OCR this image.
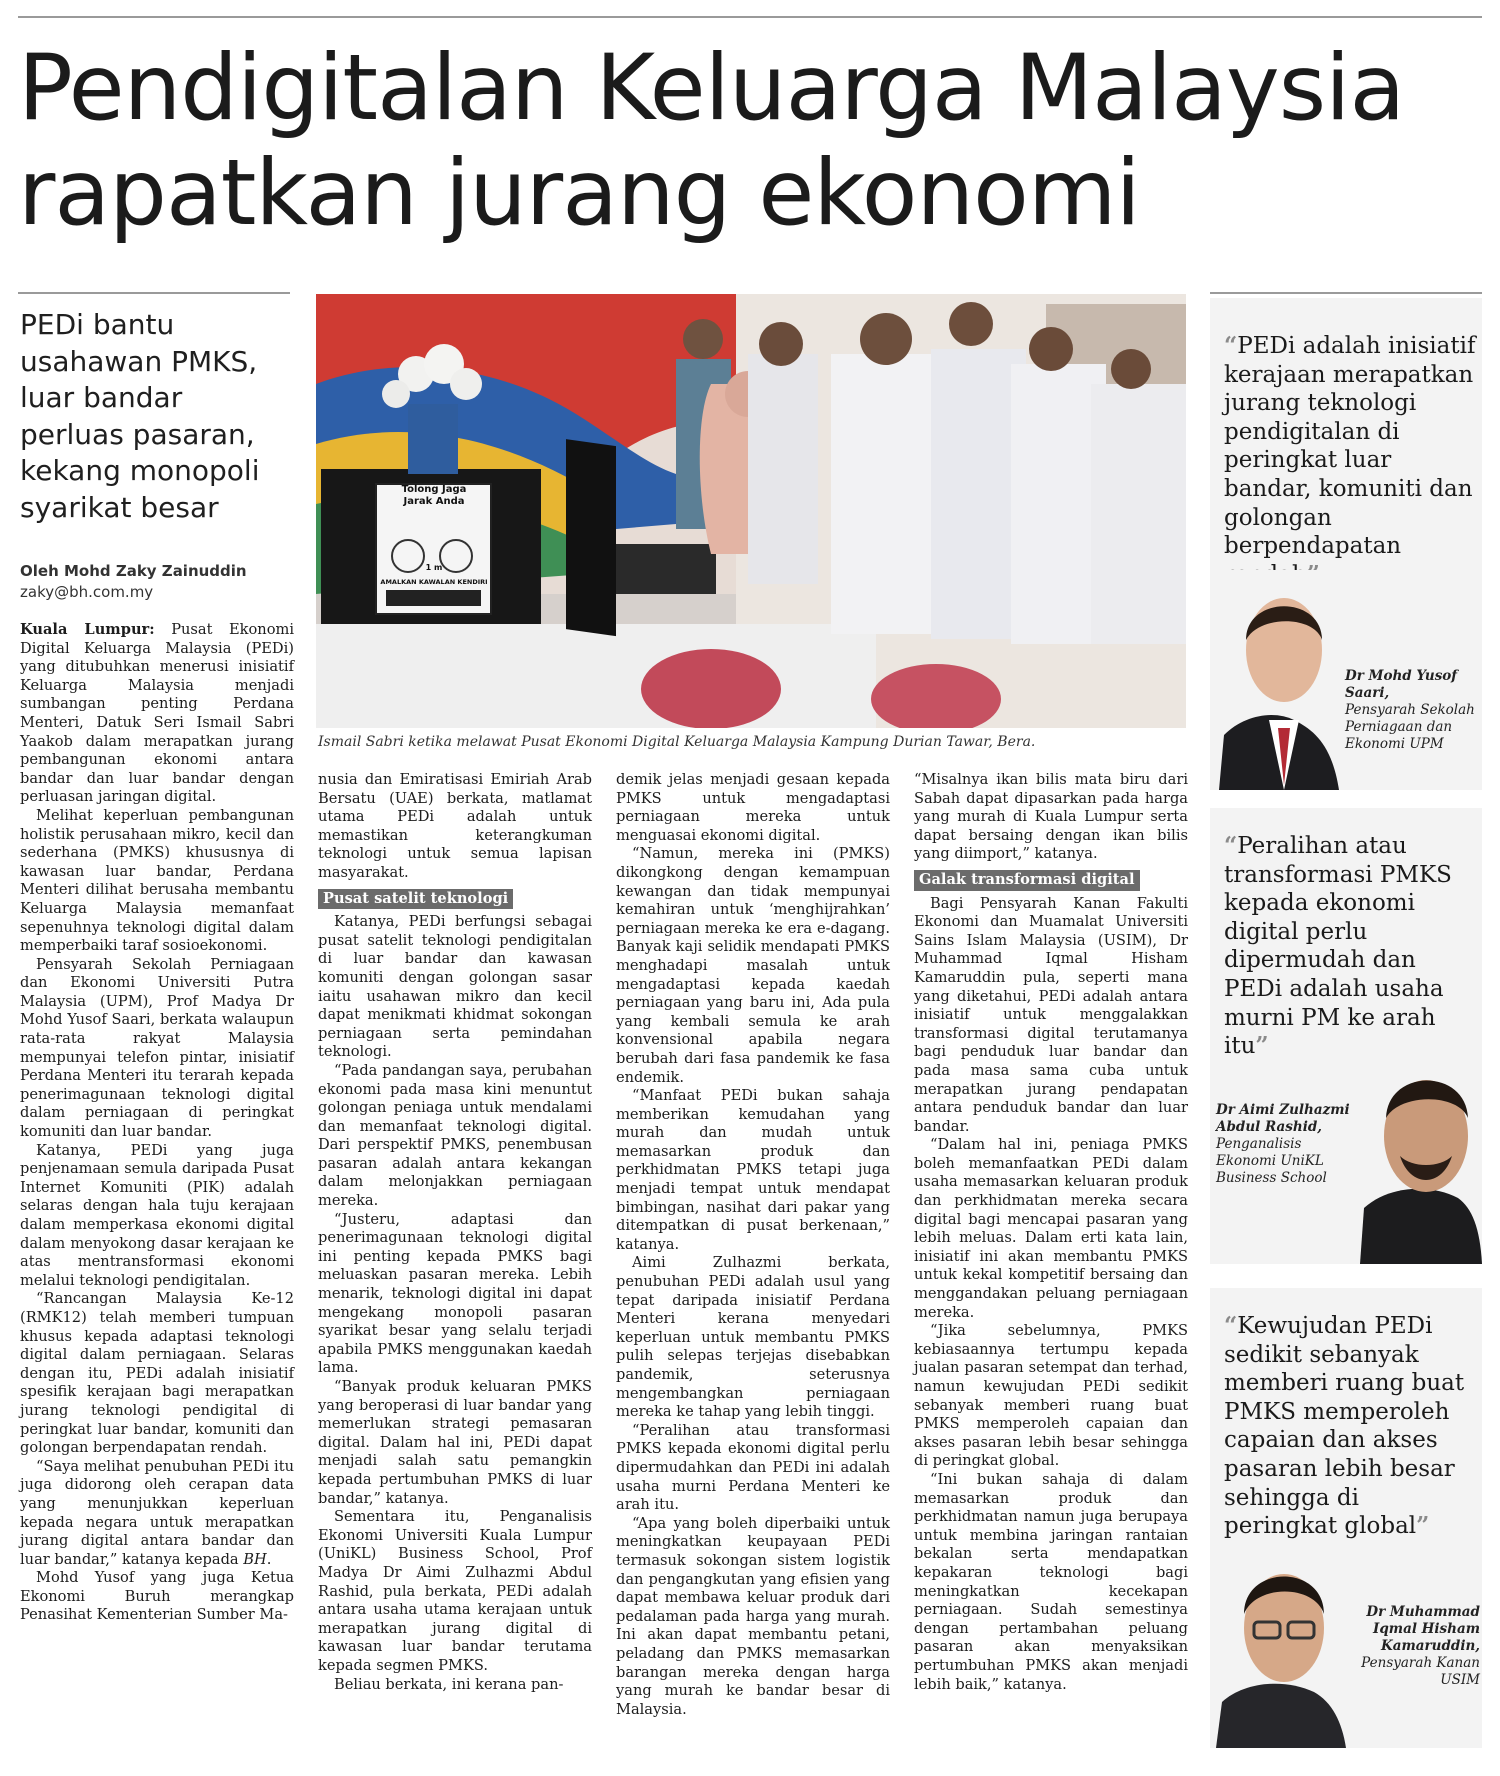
Pendigitalan Keluarga Malaysia
rapatkan jurang ekonomi
PEDi bantu usahawan PMKS, luar bandar perluas pasaran, kekang monopoli syarikat besar
Oleh Mohd Zaky Zainuddin
zaky@bh.com.my
Tolong Jaga
Jarak Anda
1 m
AMALKAN KAWALAN KENDIRI
Ismail Sabri ketika melawat Pusat Ekonomi Digital Keluarga Malaysia Kampung Durian Tawar, Bera.

Kuala Lumpur: Pusat Ekonomi Digital Keluarga Malaysia (PEDi) yang ditubuhkan menerusi inisiatif Keluarga Malaysia menjadi sumbangan penting Perdana Menteri, Datuk Seri Ismail Sabri Yaakob dalam merapatkan jurang pembangunan ekonomi antara bandar dan luar bandar dengan perluasan jaringan digital.

Melihat keperluan pembangunan holistik perusahaan mikro, kecil dan sederhana (PMKS) khususnya di kawasan luar bandar, Perdana Menteri dilihat berusaha membantu Keluarga Malaysia memanfaat sepenuhnya teknologi digital dalam memperbaiki taraf sosioekonomi.

Pensyarah Sekolah Perniagaan dan Ekonomi Universiti Putra Malaysia (UPM), Prof Madya Dr Mohd Yusof Saari, berkata walaupun rata-rata rakyat Malaysia mempunyai telefon pintar, inisiatif Perdana Menteri itu terarah kepada penerimagunaan teknologi digital dalam perniagaan di peringkat komuniti dan luar bandar.

Katanya, PEDi yang juga penjenamaan semula daripada Pusat Internet Komuniti (PIK) adalah selaras dengan hala tuju kerajaan dalam memperkasa ekonomi digital dalam menyokong dasar kerajaan ke atas mentransformasi ekonomi melalui teknologi pendigitalan.

“Rancangan Malaysia Ke-12 (RMK12) telah memberi tumpuan khusus kepada adaptasi teknologi digital dalam perniagaan. Selaras dengan itu, PEDi adalah inisiatif spesifik kerajaan bagi merapatkan jurang teknologi pendigital di peringkat luar bandar, komuniti dan golongan berpendapatan rendah.

“Saya melihat penubuhan PEDi itu juga didorong oleh cerapan data yang menunjukkan keperluan kepada negara untuk merapatkan jurang digital antara bandar dan luar bandar,” katanya kepada BH.

Mohd Yusof yang juga Ketua Ekonomi Buruh merangkap Penasihat Kementerian Sumber Ma-

nusia dan Emiratisasi Emiriah Arab Bersatu (UAE) berkata, matlamat utama PEDi adalah untuk memastikan keterangkuman teknologi untuk semua lapisan masyarakat.

Pusat satelit teknologi

Katanya, PEDi berfungsi sebagai pusat satelit teknologi pendigitalan di luar bandar dan kawasan komuniti dengan golongan sasar iaitu usahawan mikro dan kecil dapat menikmati khidmat sokongan perniagaan serta pemindahan teknologi.

“Pada pandangan saya, perubahan ekonomi pada masa kini menuntut golongan peniaga untuk mendalami dan memanfaat teknologi digital. Dari perspektif PMKS, penembusan pasaran adalah antara kekangan dalam melonjakkan perniagaan mereka.

“Justeru, adaptasi dan penerimagunaan teknologi digital ini penting kepada PMKS bagi meluaskan pasaran mereka. Lebih menarik, teknologi digital ini dapat mengekang monopoli pasaran syarikat besar yang selalu terjadi apabila PMKS menggunakan kaedah lama.

“Banyak produk keluaran PMKS yang beroperasi di luar bandar yang memerlukan strategi pemasaran digital. Dalam hal ini, PEDi dapat menjadi salah satu pemangkin kepada pertumbuhan PMKS di luar bandar,” katanya.

Sementara itu, Penganalisis Ekonomi Universiti Kuala Lumpur (UniKL) Business School, Prof Madya Dr Aimi Zulhazmi Abdul Rashid, pula berkata, PEDi adalah antara usaha utama kerajaan untuk merapatkan jurang digital di kawasan luar bandar terutama kepada segmen PMKS.

Beliau berkata, ini kerana pan-

demik jelas menjadi gesaan kepada PMKS untuk mengadaptasi perniagaan mereka untuk menguasai ekonomi digital.

“Namun, mereka ini (PMKS) dikongkong dengan kemampuan kewangan dan tidak mempunyai kemahiran untuk ‘menghijrahkan’ perniagaan mereka ke era e-dagang. Banyak kaji selidik mendapati PMKS menghadapi masalah untuk mengadaptasi kepada kaedah perniagaan yang baru ini, Ada pula yang kembali semula ke arah konvensional apabila negara berubah dari fasa pandemik ke fasa endemik.

“Manfaat PEDi bukan sahaja memberikan kemudahan yang murah dan mudah untuk memasarkan produk dan perkhidmatan PMKS tetapi juga menjadi tempat untuk mendapat bimbingan, nasihat dari pakar yang ditempatkan di pusat berkenaan,” katanya.

Aimi Zulhazmi berkata, penubuhan PEDi adalah usul yang tepat daripada inisiatif Perdana Menteri kerana menyedari keperluan untuk membantu PMKS pulih selepas terjejas disebabkan pandemik, seterusnya mengembangkan perniagaan mereka ke tahap yang lebih tinggi.

“Peralihan atau transformasi PMKS kepada ekonomi digital perlu dipermudahkan dan PEDi ini adalah usaha murni Perdana Menteri ke arah itu.

“Apa yang boleh diperbaiki untuk meningkatkan keupayaan PEDi termasuk sokongan sistem logistik dan pengangkutan yang efisien yang dapat membawa keluar produk dari pedalaman pada harga yang murah. Ini akan dapat membantu petani, peladang dan PMKS memasarkan barangan mereka dengan harga yang murah ke bandar besar di Malaysia.

“Misalnya ikan bilis mata biru dari Sabah dapat dipasarkan pada harga yang murah di Kuala Lumpur serta dapat bersaing dengan ikan bilis yang diimport,” katanya.

Galak transformasi digital

Bagi Pensyarah Kanan Fakulti Ekonomi dan Muamalat Universiti Sains Islam Malaysia (USIM), Dr Muhammad Iqmal Hisham Kamaruddin pula, seperti mana yang diketahui, PEDi adalah antara inisiatif untuk menggalakkan transformasi digital terutamanya bagi penduduk luar bandar dan pada masa sama cuba untuk merapatkan jurang pendapatan antara penduduk bandar dan luar bandar.

“Dalam hal ini, peniaga PMKS boleh memanfaatkan PEDi dalam usaha memasarkan keluaran produk dan perkhidmatan mereka secara digital bagi mencapai pasaran yang lebih meluas. Dalam erti kata lain, inisiatif ini akan membantu PMKS untuk kekal kompetitif bersaing dan menggandakan peluang perniagaan mereka.

“Jika sebelumnya, PMKS kebiasaannya tertumpu kepada jualan pasaran setempat dan terhad, namun kewujudan PEDi sedikit sebanyak memberi ruang buat PMKS memperoleh capaian dan akses pasaran lebih besar sehingga di peringkat global.

“Ini bukan sahaja di dalam memasarkan produk dan perkhidmatan namun juga berupaya untuk membina jaringan rantaian bekalan serta mendapatkan kepakaran teknologi bagi meningkatkan kecekapan perniagaan. Sudah semestinya dengan pertambahan peluang pasaran akan menyaksikan pertumbuhan PMKS akan menjadi lebih baik,” katanya.

“PEDi adalah inisiatif kerajaan merapatkan jurang teknologi pendigitalan di peringkat luar bandar, komuniti dan golongan berpendapatan
Dr Mohd Yusof Saari,
Pensyarah Sekolah Perniagaan dan Ekonomi UPM
“Peralihan atau transformasi PMKS kepada ekonomi digital perlu dipermudah dan PEDi adalah usaha murni PM ke arah itu”
Dr Aimi Zulhazmi Abdul Rashid,
Penganalisis Ekonomi UniKL Business School
“Kewujudan PEDi sedikit sebanyak memberi ruang buat PMKS memperoleh capaian dan akses pasaran lebih besar sehingga di peringkat global”
Dr Muhammad Iqmal Hisham Kamaruddin,
Pensyarah Kanan USIM
